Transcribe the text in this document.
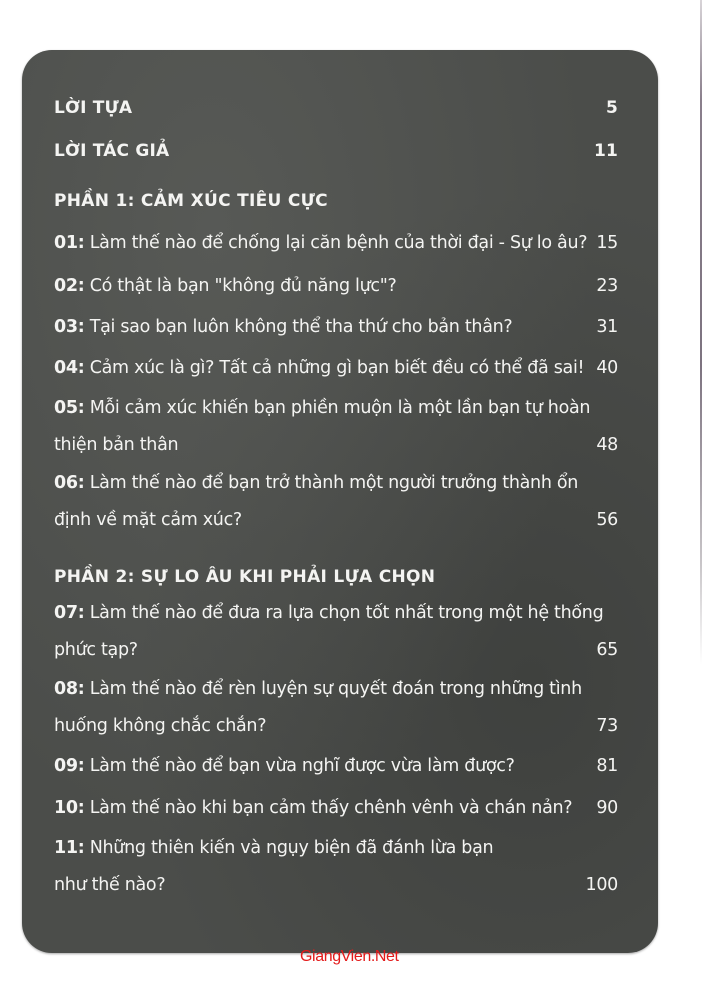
LỜI TỰA	5
LỜI TÁC GIẢ	11
PHẦN 1: CẢM XÚC TIÊU CỰC
01: Làm thế nào để chống lại căn bệnh của thời đại - Sự lo âu? 15
02: Có thật là bạn "không đủ năng lực"?	23
03: Tại sao bạn luôn không thể tha thứ cho bản thân?	31
04: Cảm xúc là gì? Tất cả những gì bạn biết đều có thể đã sai! 40
05: Mỗi cảm xúc khiến bạn phiền muộn là một lần bạn tự hoàn
thiện bản thân	48
06: Làm thế nào để bạn trở thành một người trưởng thành ổn
định về mặt cảm xúc?	56
PHẦN 2: SỰ LO ÂU KHI PHẢI LỰA CHỌN
07: Làm thế nào để đưa ra lựa chọn tốt nhất trong một hệ thống
phức tạp?	65
08: Làm thế nào để rèn luyện sự quyết đoán trong những tình
huống không chắc chắn?	73
09: Làm thế nào để bạn vừa nghĩ được vừa làm được?	81
10: Làm thế nào khi bạn cảm thấy chênh vênh và chán nản?	90
11: Những thiên kiến và ngụy biện đã đánh lừa bạn
như thế nào?	100
GiangVien.Net
